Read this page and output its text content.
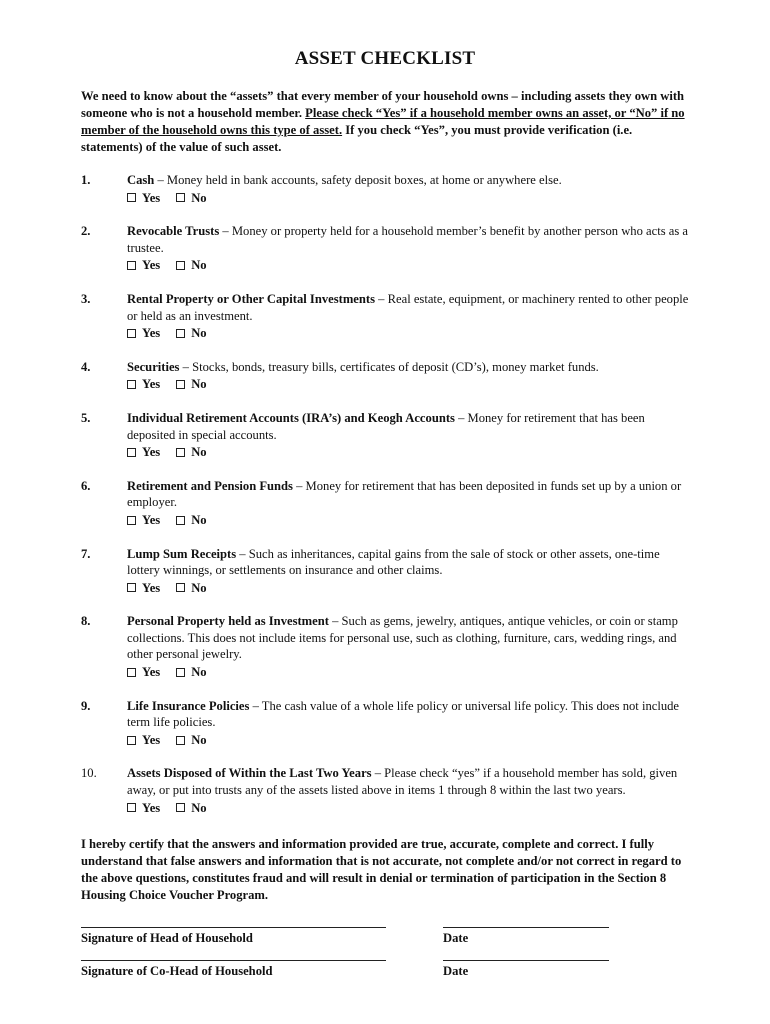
ASSET CHECKLIST
We need to know about the “assets” that every member of your household owns – including assets they own with someone who is not a household member. Please check “Yes” if a household member owns an asset, or “No” if no member of the household owns this type of asset. If you check “Yes”, you must provide verification (i.e. statements) of the value of such asset.
1.	Cash – Money held in bank accounts, safety deposit boxes, at home or anywhere else.
Yes No
2.	Revocable Trusts – Money or property held for a household member’s benefit by another person who acts as a trustee.
Yes No
3.	Rental Property or Other Capital Investments – Real estate, equipment, or machinery rented to other people or held as an investment.
Yes No
4.	Securities – Stocks, bonds, treasury bills, certificates of deposit (CD’s), money market funds.
Yes No
5.	Individual Retirement Accounts (IRA’s) and Keogh Accounts – Money for retirement that has been deposited in special accounts.
Yes No
6.	Retirement and Pension Funds – Money for retirement that has been deposited in funds set up by a union or employer.
Yes No
7.	Lump Sum Receipts – Such as inheritances, capital gains from the sale of stock or other assets, one-time lottery winnings, or settlements on insurance and other claims.
Yes No
8.	Personal Property held as Investment – Such as gems, jewelry, antiques, antique vehicles, or coin or stamp collections. This does not include items for personal use, such as clothing, furniture, cars, wedding rings, and other personal jewelry.
Yes No
9.	Life Insurance Policies – The cash value of a whole life policy or universal life policy. This does not include term life policies.
Yes No
10. Assets Disposed of Within the Last Two Years – Please check “yes” if a household member has sold, given away, or put into trusts any of the assets listed above in items 1 through 8 within the last two years.
Yes No
I hereby certify that the answers and information provided are true, accurate, complete and correct. I fully understand that false answers and information that is not accurate, not complete and/or not correct in regard to the above questions, constitutes fraud and will result in denial or termination of participation in the Section 8 Housing Choice Voucher Program.
Signature of Head of Household	Date
Signature of Co-Head of Household	Date
